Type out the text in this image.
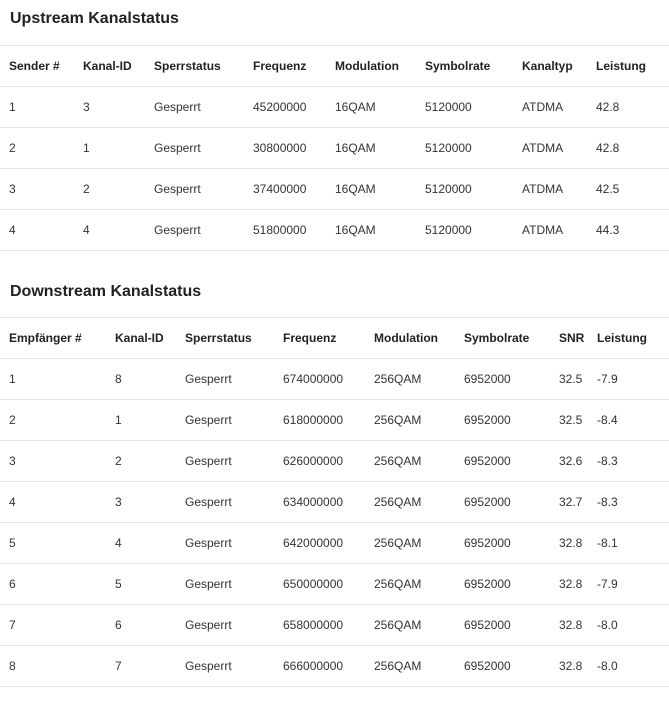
Upstream Kanalstatus
Sender #	Kanal-ID	Sperrstatus	Frequenz	Modulation	Symbolrate	Kanaltyp	Leistung
1	3	Gesperrt	45200000	16QAM	5120000	ATDMA	42.8
2	1	Gesperrt	30800000	16QAM	5120000	ATDMA	42.8
3	2	Gesperrt	37400000	16QAM	5120000	ATDMA	42.5
4	4	Gesperrt	51800000	16QAM	5120000	ATDMA	44.3
Downstream Kanalstatus
Empfänger #	Kanal-ID	Sperrstatus	Frequenz	Modulation	Symbolrate	SNR	Leistung
1	8	Gesperrt	674000000	256QAM	6952000	32.5	-7.9
2	1	Gesperrt	618000000	256QAM	6952000	32.5	-8.4
3	2	Gesperrt	626000000	256QAM	6952000	32.6	-8.3
4	3	Gesperrt	634000000	256QAM	6952000	32.7	-8.3
5	4	Gesperrt	642000000	256QAM	6952000	32.8	-8.1
6	5	Gesperrt	650000000	256QAM	6952000	32.8	-7.9
7	6	Gesperrt	658000000	256QAM	6952000	32.8	-8.0
8	7	Gesperrt	666000000	256QAM	6952000	32.8	-8.0
